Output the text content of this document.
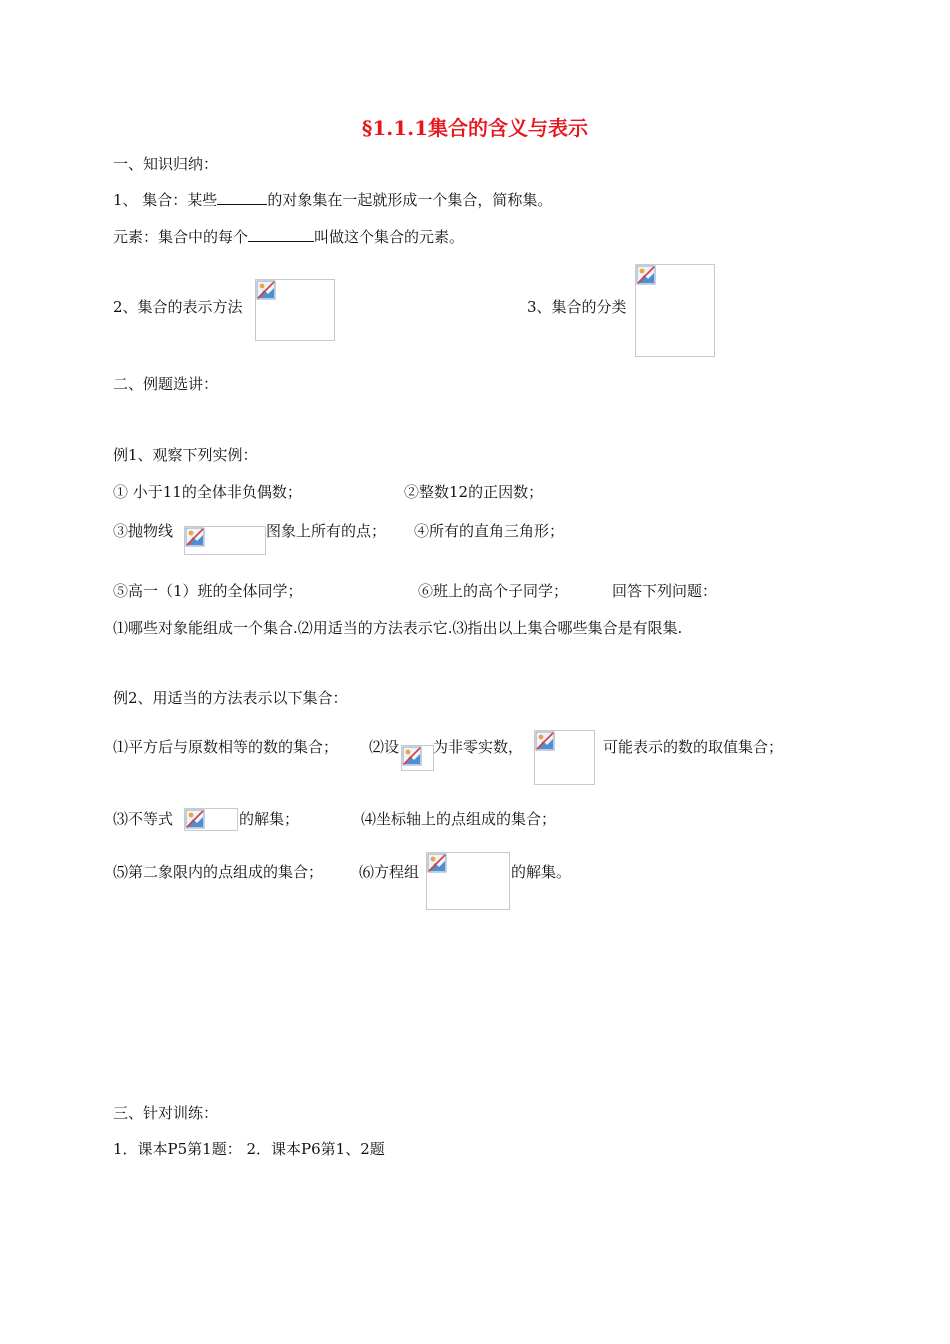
§1.1.1集合的含义与表示
一、知识归纳：
1、 集合：某些	的对象集在一起就形成一个集合，简称集。
元素：集合中的每个	叫做这个集合的元素。
2、集合的表示方法	3、集合的分类
二、例题选讲：
例1、观察下列实例：
① 小于11的全体非负偶数；	②整数12的正因数；
③抛物线	图象上所有的点； ④所有的直角三角形；
⑤高一（1）班的全体同学；	⑥班上的高个子同学；	回答下列问题：
⑴哪些对象能组成一个集合.⑵用适当的方法表示它.⑶指出以上集合哪些集合是有限集.
例2、用适当的方法表示以下集合：
⑴平方后与原数相等的数的集合； ⑵设 为非零实数，	可能表示的数的取值集合；
⑶不等式	的解集；	⑷坐标轴上的点组成的集合；
⑸第二象限内的点组成的集合； ⑹方程组	的解集。
三、针对训练：
1．课本P5第1题： 2．课本P6第1、2题
